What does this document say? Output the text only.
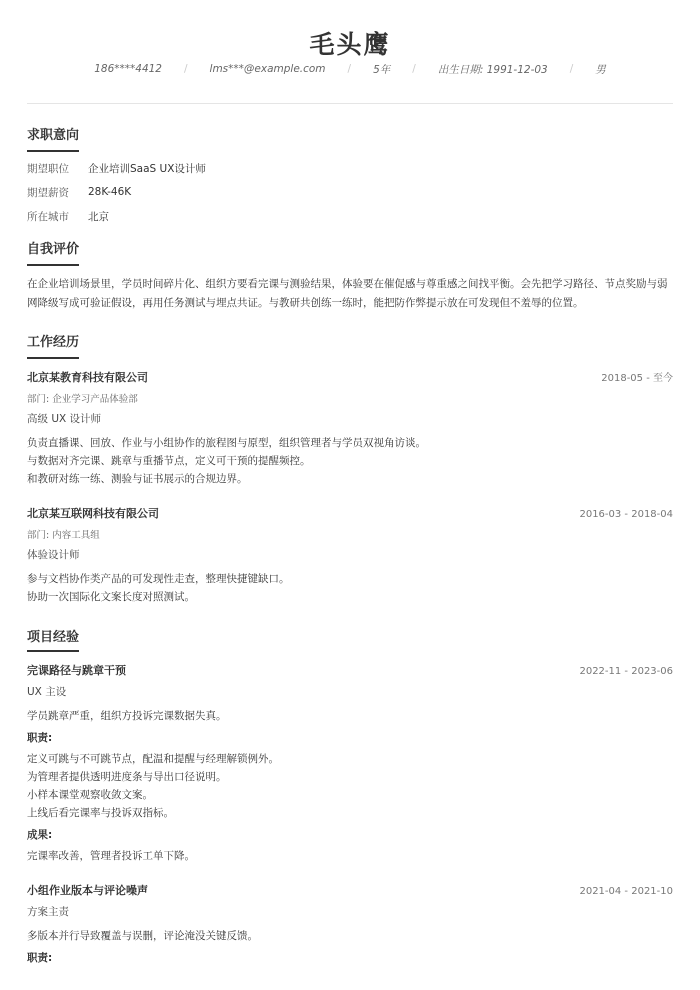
毛头鹰
186****4412	/	lms***@example.com	/	5年	/	出生日期: 1991-12-03	/	男
求职意向
期望职位	企业培训SaaS UX设计师
期望薪资	28K-46K
所在城市	北京
自我评价
在企业培训场景里，学员时间碎片化、组织方要看完课与测验结果，体验要在催促感与尊重感之间找平衡。会先把学习路径、节点奖励与弱网降级写成可验证假设，再用任务测试与埋点共证。与教研共创练一练时，能把防作弊提示放在可发现但不羞辱的位置。
工作经历
北京某教育科技有限公司	2018-05 - 至今
部门: 企业学习产品体验部
高级 UX 设计师
负责直播课、回放、作业与小组协作的旅程图与原型，组织管理者与学员双视角访谈。
与数据对齐完课、跳章与重播节点，定义可干预的提醒频控。
和教研对练一练、测验与证书展示的合规边界。
北京某互联网科技有限公司	2016-03 - 2018-04
部门: 内容工具组
体验设计师
参与文档协作类产品的可发现性走查，整理快捷键缺口。
协助一次国际化文案长度对照测试。
项目经验
完课路径与跳章干预	2022-11 - 2023-06
UX 主设
学员跳章严重，组织方投诉完课数据失真。
职责:
定义可跳与不可跳节点，配温和提醒与经理解锁例外。
为管理者提供透明进度条与导出口径说明。
小样本课堂观察收敛文案。
上线后看完课率与投诉双指标。
成果:
完课率改善，管理者投诉工单下降。
小组作业版本与评论噪声	2021-04 - 2021-10
方案主责
多版本并行导致覆盖与误删，评论淹没关键反馈。
职责:
